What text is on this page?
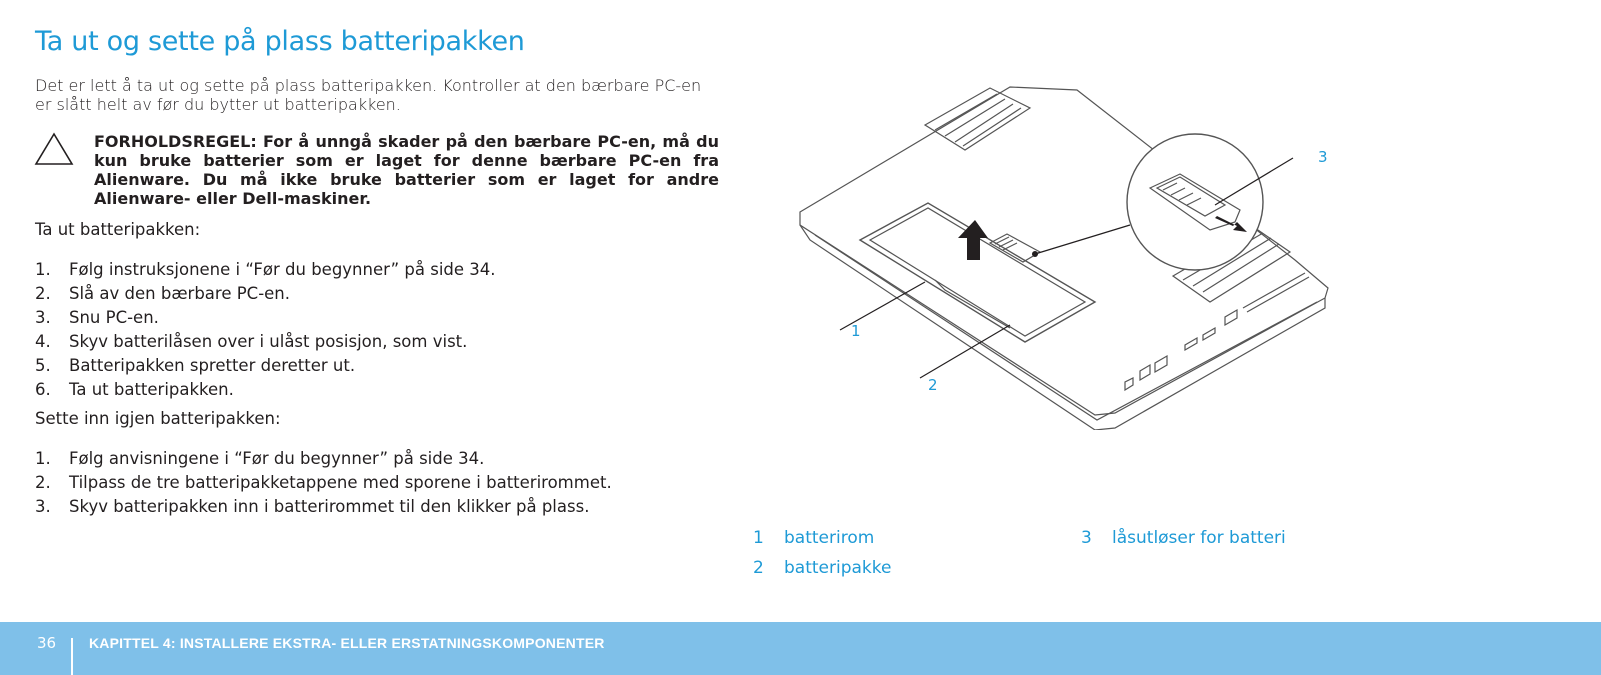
Ta ut og sette på plass batteripakken

Det er lett å ta ut og sette på plass batteripakken. Kontroller at den bærbare PC-en er slått helt av før du bytter ut batteripakken.

FORHOLDSREGEL: For å unngå skader på den bærbare PC-en, må du kun bruke batterier som er laget for denne bærbare PC-en fra Alienware. Du må ikke bruke batterier som er laget for andre Alienware- eller Dell-maskiner.

Ta ut batteripakken:

1. Følg instruksjonene i “Før du begynner” på side 34.
2. Slå av den bærbare PC-en.
3. Snu PC-en.
4. Skyv batterilåsen over i ulåst posisjon, som vist.
5. Batteripakken spretter deretter ut.
6. Ta ut batteripakken.

Sette inn igjen batteripakken:

1. Følg anvisningene i “Før du begynner” på side 34.
2. Tilpass de tre batteripakketappene med sporene i batterirommet.
3. Skyv batteripakken inn i batterirommet til den klikker på plass.
1
2
3
1 batterirom
2 batteripakke
3 låsutløser for batteri
36 KAPITTEL 4: INSTALLERE EKSTRA- ELLER ERSTATNINGSKOMPONENTER
